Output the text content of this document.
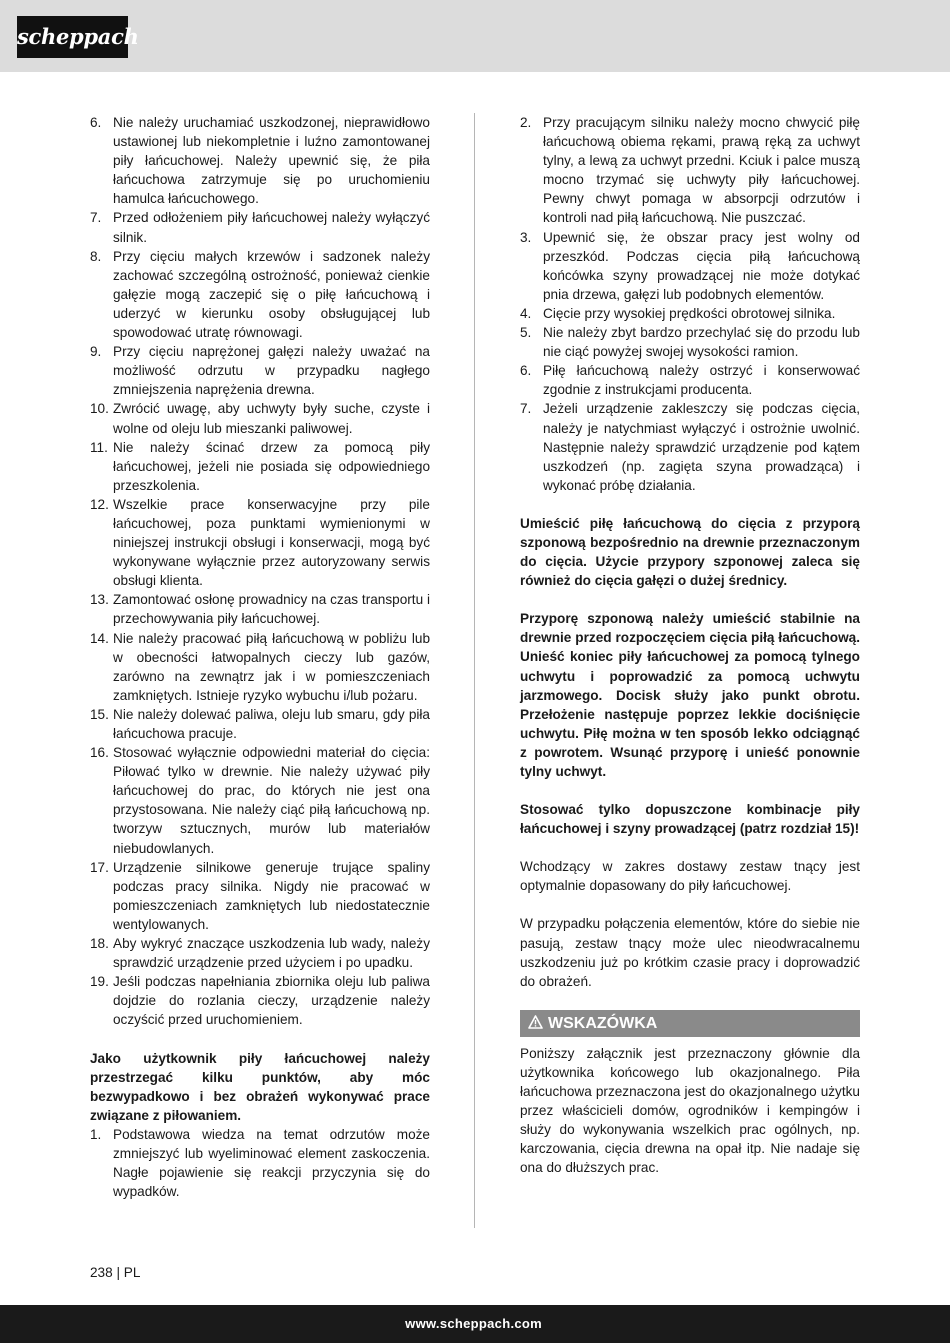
scheppach
6. Nie należy uruchamiać uszkodzonej, nieprawidłowo ustawionej lub niekompletnie i luźno zamontowanej piły łańcuchowej. Należy upewnić się, że piła łańcuchowa zatrzymuje się po uruchomieniu hamulca łańcuchowego.
7. Przed odłożeniem piły łańcuchowej należy wyłączyć silnik.
8. Przy cięciu małych krzewów i sadzonek należy zachować szczególną ostrożność, ponieważ cienkie gałęzie mogą zaczepić się o piłę łańcuchową i uderzyć w kierunku osoby obsługującej lub spowodować utratę równowagi.
9. Przy cięciu naprężonej gałęzi należy uważać na możliwość odrzutu w przypadku nagłego zmniejszenia naprężenia drewna.
10. Zwrócić uwagę, aby uchwyty były suche, czyste i wolne od oleju lub mieszanki paliwowej.
11. Nie należy ścinać drzew za pomocą piły łańcuchowej, jeżeli nie posiada się odpowiedniego przeszkolenia.
12. Wszelkie prace konserwacyjne przy pile łańcuchowej, poza punktami wymienionymi w niniejszej instrukcji obsługi i konserwacji, mogą być wykonywane wyłącznie przez autoryzowany serwis obsługi klienta.
13. Zamontować osłonę prowadnicy na czas transportu i przechowywania piły łańcuchowej.
14. Nie należy pracować piłą łańcuchową w pobliżu lub w obecności łatwopalnych cieczy lub gazów, zarówno na zewnątrz jak i w pomieszczeniach zamkniętych. Istnieje ryzyko wybuchu i/lub pożaru.
15. Nie należy dolewać paliwa, oleju lub smaru, gdy piła łańcuchowa pracuje.
16. Stosować wyłącznie odpowiedni materiał do cięcia: Piłować tylko w drewnie. Nie należy używać piły łańcuchowej do prac, do których nie jest ona przystosowana. Nie należy ciąć piłą łańcuchową np. tworzyw sztucznych, murów lub materiałów niebudowlanych.
17. Urządzenie silnikowe generuje trujące spaliny podczas pracy silnika. Nigdy nie pracować w pomieszczeniach zamkniętych lub niedostatecznie wentylowanych.
18. Aby wykryć znaczące uszkodzenia lub wady, należy sprawdzić urządzenie przed użyciem i po upadku.
19. Jeśli podczas napełniania zbiornika oleju lub paliwa dojdzie do rozlania cieczy, urządzenie należy oczyścić przed uruchomieniem.

Jako użytkownik piły łańcuchowej należy przestrzegać kilku punktów, aby móc bezwypadkowo i bez obrażeń wykonywać prace związane z piłowaniem.

1. Podstawowa wiedza na temat odrzutów może zmniejszyć lub wyeliminować element zaskoczenia. Nagłe pojawienie się reakcji przyczynia się do wypadków.
2. Przy pracującym silniku należy mocno chwycić piłę łańcuchową obiema rękami, prawą ręką za uchwyt tylny, a lewą za uchwyt przedni. Kciuk i palce muszą mocno trzymać się uchwyty piły łańcuchowej. Pewny chwyt pomaga w absorpcji odrzutów i kontroli nad piłą łańcuchową. Nie puszczać.
3. Upewnić się, że obszar pracy jest wolny od przeszkód. Podczas cięcia piłą łańcuchową końcówka szyny prowadzącej nie może dotykać pnia drzewa, gałęzi lub podobnych elementów.
4. Cięcie przy wysokiej prędkości obrotowej silnika.
5. Nie należy zbyt bardzo przechylać się do przodu lub nie ciąć powyżej swojej wysokości ramion.
6. Piłę łańcuchową należy ostrzyć i konserwować zgodnie z instrukcjami producenta.
7. Jeżeli urządzenie zakleszczy się podczas cięcia, należy je natychmiast wyłączyć i ostrożnie uwolnić. Następnie należy sprawdzić urządzenie pod kątem uszkodzeń (np. zagięta szyna prowadząca) i wykonać próbę działania.

Umieścić piłę łańcuchową do cięcia z przyporą szponową bezpośrednio na drewnie przeznaczonym do cięcia. Użycie przypory szponowej zaleca się również do cięcia gałęzi o dużej średnicy.

Przyporę szponową należy umieścić stabilnie na drewnie przed rozpoczęciem cięcia piłą łańcuchową. Unieść koniec piły łańcuchowej za pomocą tylnego uchwytu i poprowadzić za pomocą uchwytu jarzmowego. Docisk służy jako punkt obrotu. Przełożenie następuje poprzez lekkie dociśnięcie uchwytu. Piłę można w ten sposób lekko odciągnąć z powrotem. Wsunąć przyporę i unieść ponownie tylny uchwyt.

Stosować tylko dopuszczone kombinacje piły łańcuchowej i szyny prowadzącej (patrz rozdział 15)!

Wchodzący w zakres dostawy zestaw tnący jest optymalnie dopasowany do piły łańcuchowej.

W przypadku połączenia elementów, które do siebie nie pasują, zestaw tnący może ulec nieodwracalnemu uszkodzeniu już po krótkim czasie pracy i doprowadzić do obrażeń.

WSKAZÓWKA

Poniższy załącznik jest przeznaczony głównie dla użytkownika końcowego lub okazjonalnego. Piła łańcuchowa przeznaczona jest do okazjonalnego użytku przez właścicieli domów, ogrodników i kempingów i służy do wykonywania wszelkich prac ogólnych, np. karczowania, cięcia drewna na opał itp. Nie nadaje się ona do dłuższych prac.

238 | PL
www.scheppach.com
